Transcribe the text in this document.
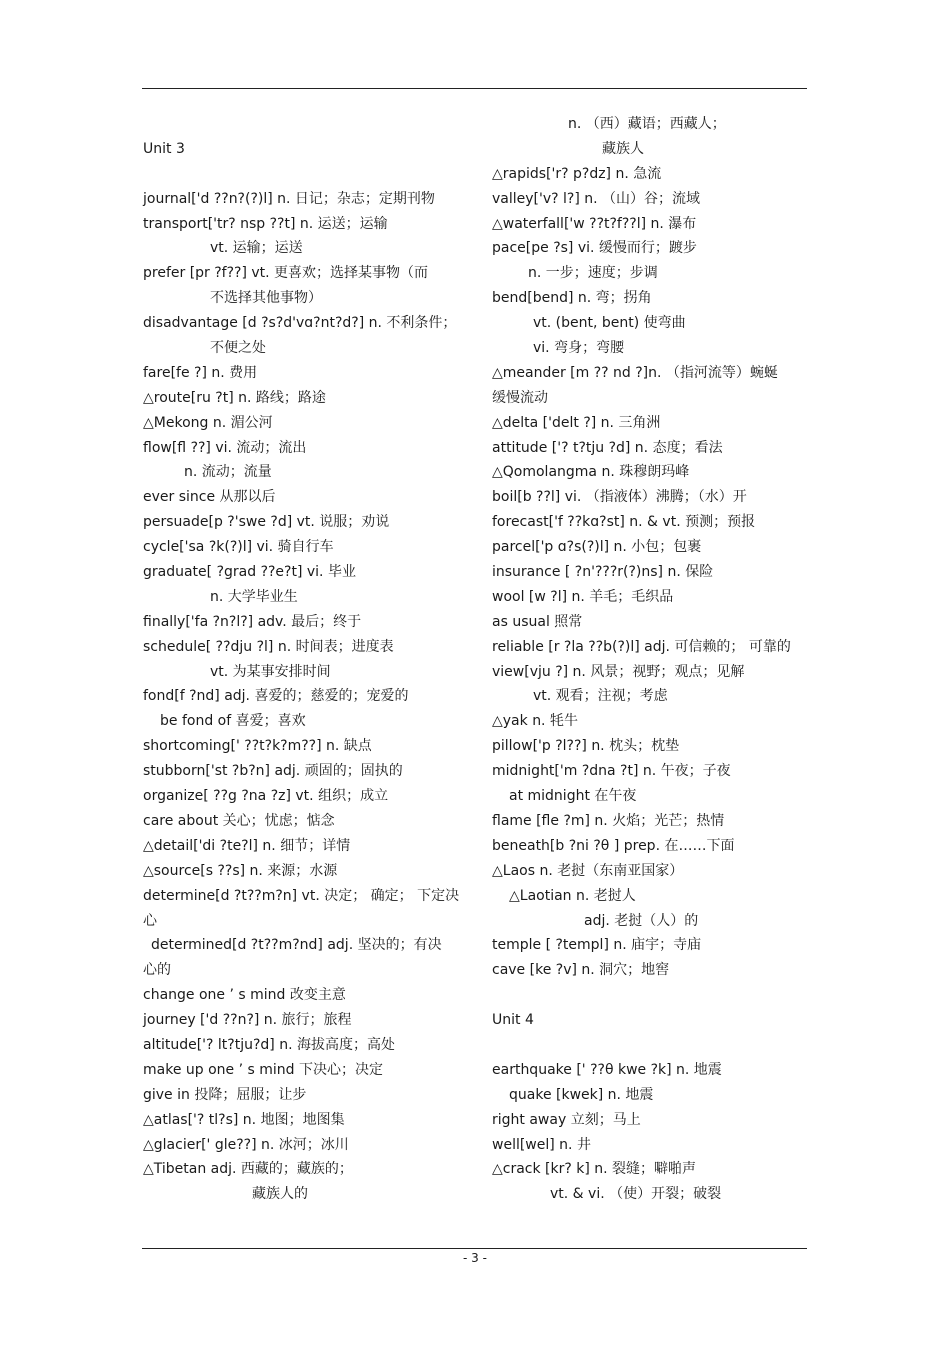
Unit 3
journal['d ??n?(?)l] n. 日记；杂志；定期刊物
transport['tr? nsp ??t] n. 运送；运输
vt. 运输；运送
prefer [pr ?f??] vt. 更喜欢；选择某事物（而
不选择其他事物）
disadvantage [d ?s?d'vɑ?nt?d?] n. 不利条件；
不便之处
fare[fe ?] n. 费用
△route[ru ?t] n. 路线；路途
△Mekong n. 湄公河
flow[fl ??] vi. 流动；流出
n. 流动；流量
ever since 从那以后
persuade[p ?'swe ?d] vt. 说服；劝说
cycle['sa ?k(?)l] vi. 骑自行车
graduate[ ?grad ??e?t] vi. 毕业
n. 大学毕业生
finally['fa ?n?l?] adv. 最后；终于
schedule[ ??dju ?l] n. 时间表；进度表
vt. 为某事安排时间
fond[f ?nd] adj. 喜爱的；慈爱的；宠爱的
be fond of 喜爱；喜欢
shortcoming[' ??t?k?m??] n. 缺点
stubborn['st ?b?n] adj. 顽固的；固执的
organize[ ??g ?na ?z] vt. 组织；成立
care about 关心；忧虑；惦念
△detail['di ?te?l] n. 细节；详情
△source[s ??s] n. 来源；水源
determine[d ?t??m?n] vt. 决定； 确定； 下定决
心
determined[d ?t??m?nd] adj. 坚决的；有决
心的
change one ’ s mind 改变主意
journey ['d ??n?] n. 旅行；旅程
altitude['? lt?tju?d] n. 海拔高度；高处
make up one ’ s mind 下决心；决定
give in 投降；屈服；让步
△atlas['? tl?s] n. 地图；地图集
△glacier[' gle??] n. 冰河；冰川
△Tibetan adj. 西藏的；藏族的；
藏族人的
n. （西）藏语；西藏人；
藏族人
△rapids['r? p?dz] n. 急流
valley['v? l?] n. （山）谷；流域
△waterfall['w ??t?f??l] n. 瀑布
pace[pe ?s] vi. 缓慢而行；踱步
n. 一步；速度；步调
bend[bend] n. 弯；拐角
vt. (bent, bent) 使弯曲
vi. 弯身；弯腰
△meander [m ?? nd ?]n. （指河流等）蜿蜒
缓慢流动
△delta ['delt ?] n. 三角洲
attitude ['? t?tju ?d] n. 态度；看法
△Qomolangma n. 珠穆朗玛峰
boil[b ??l] vi. （指液体）沸腾；（水）开
forecast['f ??kɑ?st] n. & vt. 预测；预报
parcel['p ɑ?s(?)l] n. 小包；包裹
insurance [ ?n'???r(?)ns] n. 保险
wool [w ?l] n. 羊毛；毛织品
as usual 照常
reliable [r ?la ??b(?)l] adj. 可信赖的； 可靠的
view[vju ?] n. 风景；视野；观点；见解
vt. 观看；注视；考虑
△yak n. 牦牛
pillow['p ?l??] n. 枕头；枕垫
midnight['m ?dna ?t] n. 午夜；子夜
at midnight 在午夜
flame [fle ?m] n. 火焰；光芒；热情
beneath[b ?ni ?θ ] prep. 在……下面
△Laos n. 老挝（东南亚国家）
△Laotian n. 老挝人
adj. 老挝（人）的
temple [ ?templ] n. 庙宇；寺庙
cave [ke ?v] n. 洞穴；地窖
Unit 4
earthquake [' ??θ kwe ?k] n. 地震
quake [kwek] n. 地震
right away 立刻；马上
well[wel] n. 井
△crack [kr? k] n. 裂缝；噼啪声
vt. & vi. （使）开裂；破裂
- 3 -
